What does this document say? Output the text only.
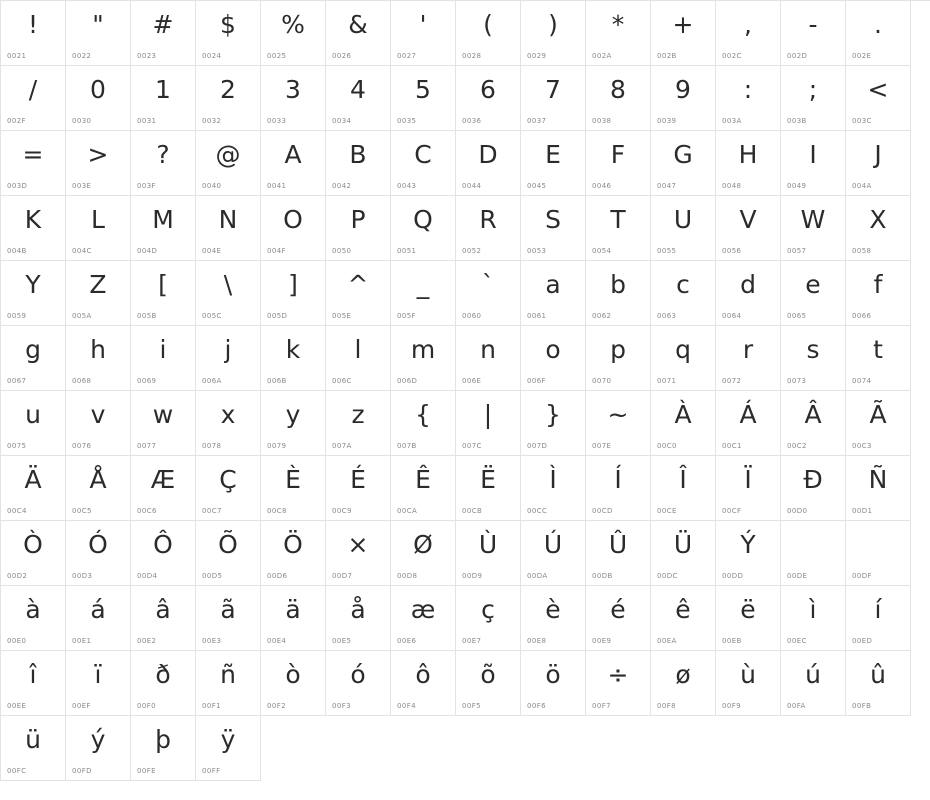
!
0021
"
0022
#
0023
$
0024
%
0025
&
0026
'
0027
(
0028
)
0029
*
002A
+
002B
,
002C
-
002D
.
002E
/
002F
0
0030
1
0031
2
0032
3
0033
4
0034
5
0035
6
0036
7
0037
8
0038
9
0039
:
003A
;
003B
<
003C
=
003D
>
003E
?
003F
@
0040
A
0041
B
0042
C
0043
D
0044
E
0045
F
0046
G
0047
H
0048
I
0049
J
004A
K
004B
L
004C
M
004D
N
004E
O
004F
P
0050
Q
0051
R
0052
S
0053
T
0054
U
0055
V
0056
W
0057
X
0058
Y
0059
Z
005A
[
005B
\
005C
]
005D
^
005E
_
005F
`
0060
a
0061
b
0062
c
0063
d
0064
e
0065
f
0066
g
0067
h
0068
i
0069
j
006A
k
006B
l
006C
m
006D
n
006E
o
006F
p
0070
q
0071
r
0072
s
0073
t
0074
u
0075
v
0076
w
0077
x
0078
y
0079
z
007A
{
007B
|
007C
}
007D
~
007E
À
00C0
Á
00C1
Â
00C2
Ã
00C3
Ä
00C4
Å
00C5
Æ
00C6
Ç
00C7
È
00C8
É
00C9
Ê
00CA
Ë
00CB
Ì
00CC
Í
00CD
Î
00CE
Ï
00CF
Ð
00D0
Ñ
00D1
Ò
00D2
Ó
00D3
Ô
00D4
Õ
00D5
Ö
00D6
×
00D7
Ø
00D8
Ù
00D9
Ú
00DA
Û
00DB
Ü
00DC
Ý
00DD	00DE	00DF
à
00E0
á
00E1
â
00E2
ã
00E3
ä
00E4
å
00E5
æ
00E6
ç
00E7
è
00E8
é
00E9
ê
00EA
ë
00EB
ì
00EC
í
00ED
î
00EE
ï
00EF
ð
00F0
ñ
00F1
ò
00F2
ó
00F3
ô
00F4
õ
00F5
ö
00F6
÷
00F7
ø
00F8
ù
00F9
ú
00FA
û
00FB
ü
00FC
ý
00FD
þ
00FE
ÿ
00FF
